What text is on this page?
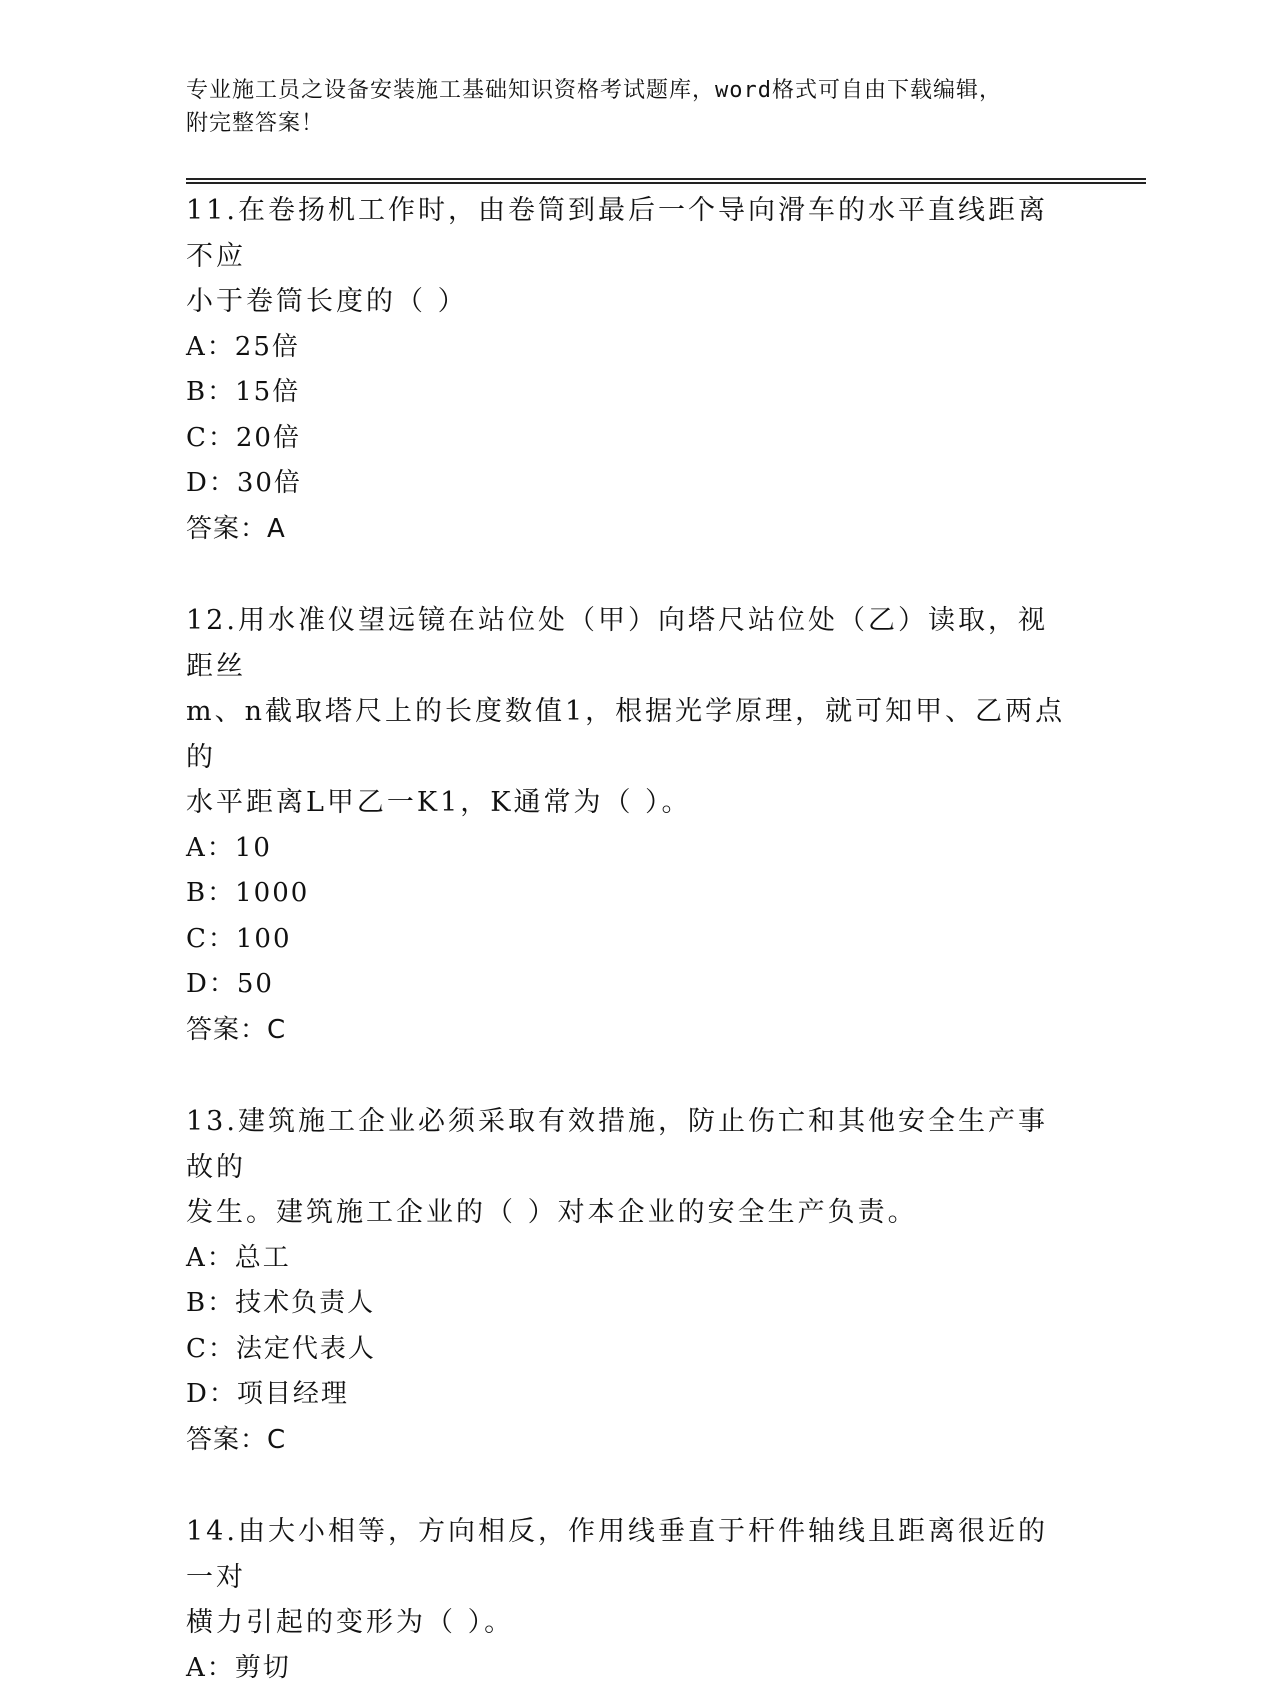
专业施工员之设备安装施工基础知识资格考试题库，word格式可自由下载编辑，
附完整答案！
11.在卷扬机工作时，由卷筒到最后一个导向滑车的水平直线距离不应
小于卷筒长度的（ ）
A：25倍
B：15倍
C：20倍
D：30倍
答案：A
12.用水准仪望远镜在站位处（甲）向塔尺站位处（乙）读取，视距丝
m、n截取塔尺上的长度数值1，根据光学原理，就可知甲、乙两点的
水平距离L甲乙一K1，K通常为（ ）。
A：10
B：1000
C：100
D：50
答案：C
13.建筑施工企业必须采取有效措施，防止伤亡和其他安全生产事故的
发生。建筑施工企业的（ ）对本企业的安全生产负责。
A：总工
B：技术负责人
C：法定代表人
D：项目经理
答案：C
14.由大小相等，方向相反，作用线垂直于杆件轴线且距离很近的一对
横力引起的变形为（ ）。
A：剪切
